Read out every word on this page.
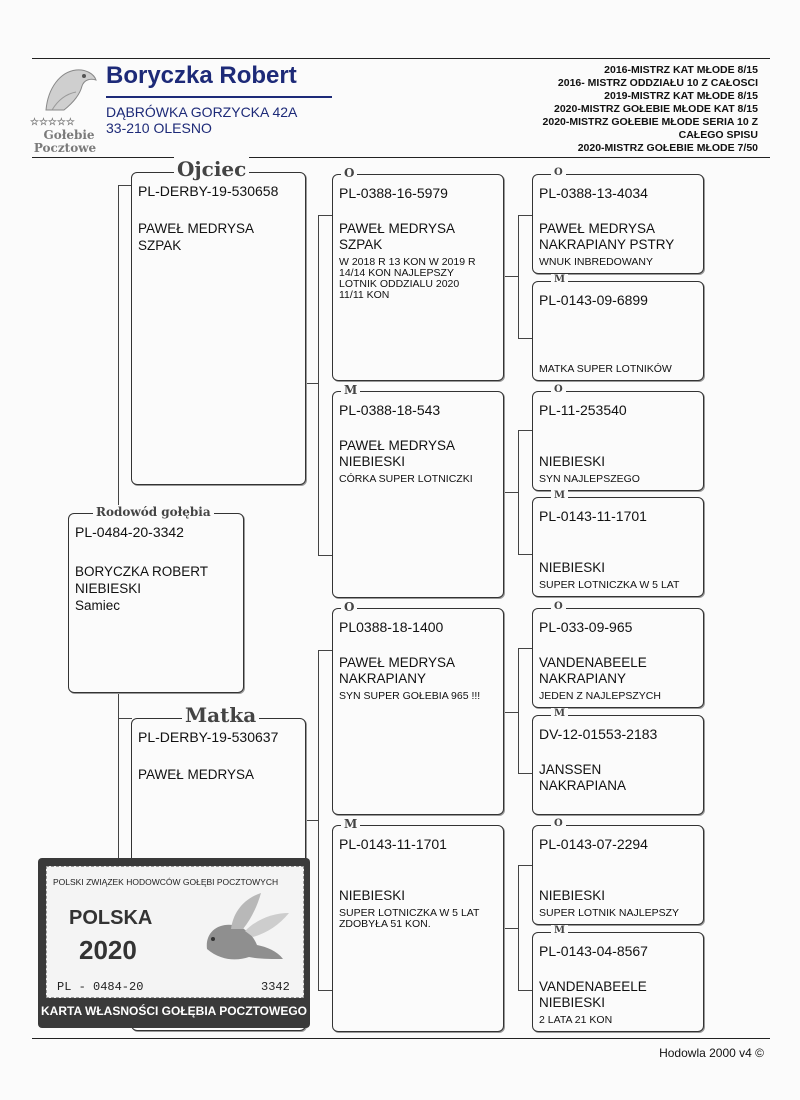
☆☆☆☆☆
Gołebie
Pocztowe
Boryczka Robert
DĄBRÓWKA GORZYCKA 42A
33-210 OLESNO
2016-MISTRZ KAT MŁODE 8/15
2016- MISTRZ ODDZIAŁU 10 Z CAŁOSCI
2019-MISTRZ KAT MŁODE 8/15
2020-MISTRZ GOŁEBIE MŁODE KAT 8/15
2020-MISTRZ GOŁEBIE MŁODE SERIA 10 Z
CAŁEGO SPISU
2020-MISTRZ GOŁEBIE MŁODE 7/50
Rodowód gołębia
PL-0484-20-3342
BORYCZKA ROBERT
NIEBIESKI
Samiec
Ojciec
PL-DERBY-19-530658
PAWEŁ MEDRYSA
SZPAK
Matka
PL-DERBY-19-530637
PAWEŁ MEDRYSA
O
PL-0388-16-5979
PAWEŁ MEDRYSA
SZPAK
W 2018 R 13 KON W 2019 R
14/14 KON NAJLEPSZY
LOTNIK ODDZIALU 2020
11/11 KON
M
PL-0388-18-543
PAWEŁ MEDRYSA
NIEBIESKI
CÓRKA SUPER LOTNICZKI
O
PL0388-18-1400
PAWEŁ MEDRYSA
NAKRAPIANY
SYN SUPER GOŁEBIA 965 !!!
M
PL-0143-11-1701
NIEBIESKI
SUPER LOTNICZKA W 5 LAT
ZDOBYŁA 51 KON.
O
PL-0388-13-4034
PAWEŁ MEDRYSA
NAKRAPIANY PSTRY
WNUK INBREDOWANY
M
PL-0143-09-6899
MATKA SUPER LOTNIKÓW
O
PL-11-253540
NIEBIESKI
SYN NAJLEPSZEGO
M
PL-0143-11-1701
NIEBIESKI
SUPER LOTNICZKA W 5 LAT
O
PL-033-09-965
VANDENABEELE
NAKRAPIANY
JEDEN Z NAJLEPSZYCH
M
DV-12-01553-2183
JANSSEN
NAKRAPIANA
O
PL-0143-07-2294
NIEBIESKI
SUPER LOTNIK NAJLEPSZY
M
PL-0143-04-8567
VANDENABEELE
NIEBIESKI
2 LATA 21 KON
POLSKI ZWIĄZEK HODOWCÓW GOŁĘBI POCZTOWYCH
POLSKA
2020
PL - 0484-20	3342
KARTA WŁASNOŚCI GOŁĘBIA POCZTOWEGO
Hodowla 2000 v4 ©
